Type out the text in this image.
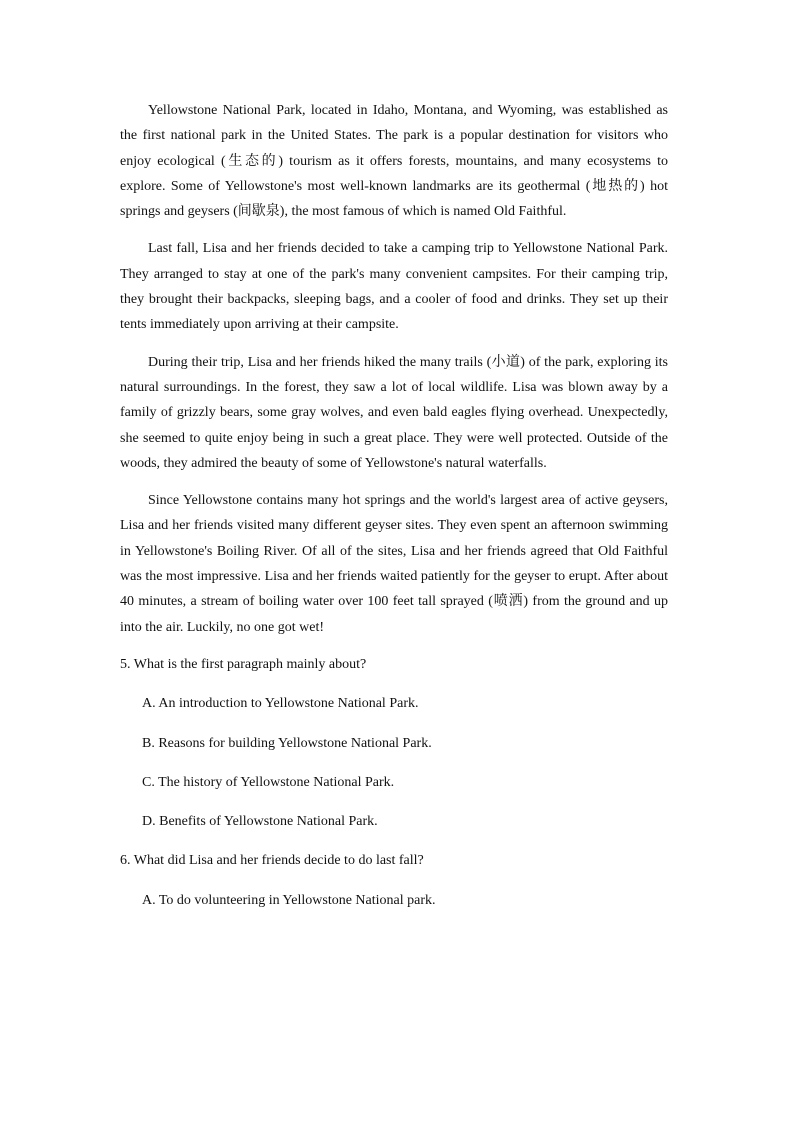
Yellowstone National Park, located in Idaho, Montana, and Wyoming, was established as the first national park in the United States. The park is a popular destination for visitors who enjoy ecological (生态的) tourism as it offers forests, mountains, and many ecosystems to explore. Some of Yellowstone's most well-known landmarks are its geothermal (地热的) hot springs and geysers (间歇泉), the most famous of which is named Old Faithful.

Last fall, Lisa and her friends decided to take a camping trip to Yellowstone National Park. They arranged to stay at one of the park's many convenient campsites. For their camping trip, they brought their backpacks, sleeping bags, and a cooler of food and drinks. They set up their tents immediately upon arriving at their campsite.

During their trip, Lisa and her friends hiked the many trails (小道) of the park, exploring its natural surroundings. In the forest, they saw a lot of local wildlife. Lisa was blown away by a family of grizzly bears, some gray wolves, and even bald eagles flying overhead. Unexpectedly, she seemed to quite enjoy being in such a great place. They were well protected. Outside of the woods, they admired the beauty of some of Yellowstone's natural waterfalls.

Since Yellowstone contains many hot springs and the world's largest area of active geysers, Lisa and her friends visited many different geyser sites. They even spent an afternoon swimming in Yellowstone's Boiling River. Of all of the sites, Lisa and her friends agreed that Old Faithful was the most impressive. Lisa and her friends waited patiently for the geyser to erupt. After about 40 minutes, a stream of boiling water over 100 feet tall sprayed (喷洒) from the ground and up into the air. Luckily, no one got wet!

5. What is the first paragraph mainly about?
A. An introduction to Yellowstone National Park.
B. Reasons for building Yellowstone National Park.
C. The history of Yellowstone National Park.
D. Benefits of Yellowstone National Park.
6. What did Lisa and her friends decide to do last fall?
A. To do volunteering in Yellowstone National park.
